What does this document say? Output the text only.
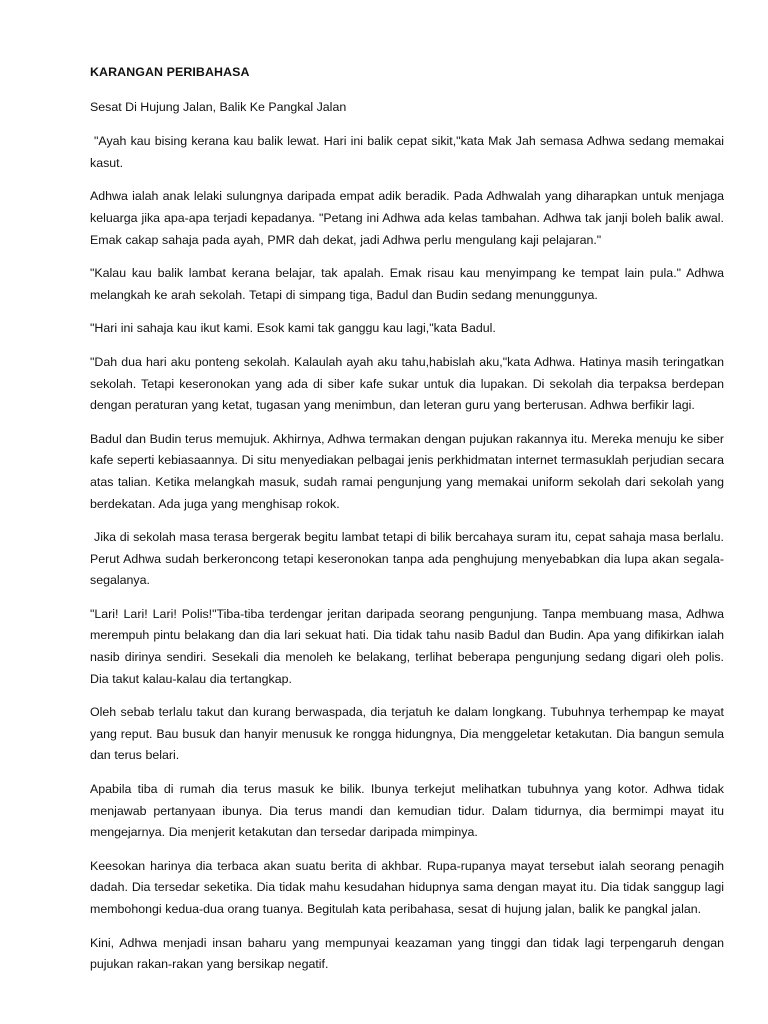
KARANGAN PERIBAHASA

Sesat Di Hujung Jalan, Balik Ke Pangkal Jalan

"Ayah kau bising kerana kau balik lewat. Hari ini balik cepat sikit,"kata Mak Jah semasa Adhwa sedang memakai kasut.

Adhwa ialah anak lelaki sulungnya daripada empat adik beradik. Pada Adhwalah yang diharapkan untuk menjaga keluarga jika apa-apa terjadi kepadanya. "Petang ini Adhwa ada kelas tambahan. Adhwa tak janji boleh balik awal. Emak cakap sahaja pada ayah, PMR dah dekat, jadi Adhwa perlu mengulang kaji pelajaran."

"Kalau kau balik lambat kerana belajar, tak apalah. Emak risau kau menyimpang ke tempat lain pula." Adhwa melangkah ke arah sekolah. Tetapi di simpang tiga, Badul dan Budin sedang menunggunya.

"Hari ini sahaja kau ikut kami. Esok kami tak ganggu kau lagi,"kata Badul.

"Dah dua hari aku ponteng sekolah. Kalaulah ayah aku tahu,habislah aku,"kata Adhwa. Hatinya masih teringatkan sekolah. Tetapi keseronokan yang ada di siber kafe sukar untuk dia lupakan. Di sekolah dia terpaksa berdepan dengan peraturan yang ketat, tugasan yang menimbun, dan leteran guru yang berterusan. Adhwa berfikir lagi.

Badul dan Budin terus memujuk. Akhirnya, Adhwa termakan dengan pujukan rakannya itu. Mereka menuju ke siber kafe seperti kebiasaannya. Di situ menyediakan pelbagai jenis perkhidmatan internet termasuklah perjudian secara atas talian. Ketika melangkah masuk, sudah ramai pengunjung yang memakai uniform sekolah dari sekolah yang berdekatan. Ada juga yang menghisap rokok.

Jika di sekolah masa terasa bergerak begitu lambat tetapi di bilik bercahaya suram itu, cepat sahaja masa berlalu. Perut Adhwa sudah berkeroncong tetapi keseronokan tanpa ada penghujung menyebabkan dia lupa akan segala-segalanya.

"Lari! Lari! Lari! Polis!"Tiba-tiba terdengar jeritan daripada seorang pengunjung. Tanpa membuang masa, Adhwa merempuh pintu belakang dan dia lari sekuat hati. Dia tidak tahu nasib Badul dan Budin. Apa yang difikirkan ialah nasib dirinya sendiri. Sesekali dia menoleh ke belakang, terlihat beberapa pengunjung sedang digari oleh polis. Dia takut kalau-kalau dia tertangkap.

Oleh sebab terlalu takut dan kurang berwaspada, dia terjatuh ke dalam longkang. Tubuhnya terhempap ke mayat yang reput. Bau busuk dan hanyir menusuk ke rongga hidungnya, Dia menggeletar ketakutan. Dia bangun semula dan terus belari.

Apabila tiba di rumah dia terus masuk ke bilik. Ibunya terkejut melihatkan tubuhnya yang kotor. Adhwa tidak menjawab pertanyaan ibunya. Dia terus mandi dan kemudian tidur. Dalam tidurnya, dia bermimpi mayat itu mengejarnya. Dia menjerit ketakutan dan tersedar daripada mimpinya.

Keesokan harinya dia terbaca akan suatu berita di akhbar. Rupa-rupanya mayat tersebut ialah seorang penagih dadah. Dia tersedar seketika. Dia tidak mahu kesudahan hidupnya sama dengan mayat itu. Dia tidak sanggup lagi membohongi kedua-dua orang tuanya. Begitulah kata peribahasa, sesat di hujung jalan, balik ke pangkal jalan.

Kini, Adhwa menjadi insan baharu yang mempunyai keazaman yang tinggi dan tidak lagi terpengaruh dengan pujukan rakan-rakan yang bersikap negatif.
